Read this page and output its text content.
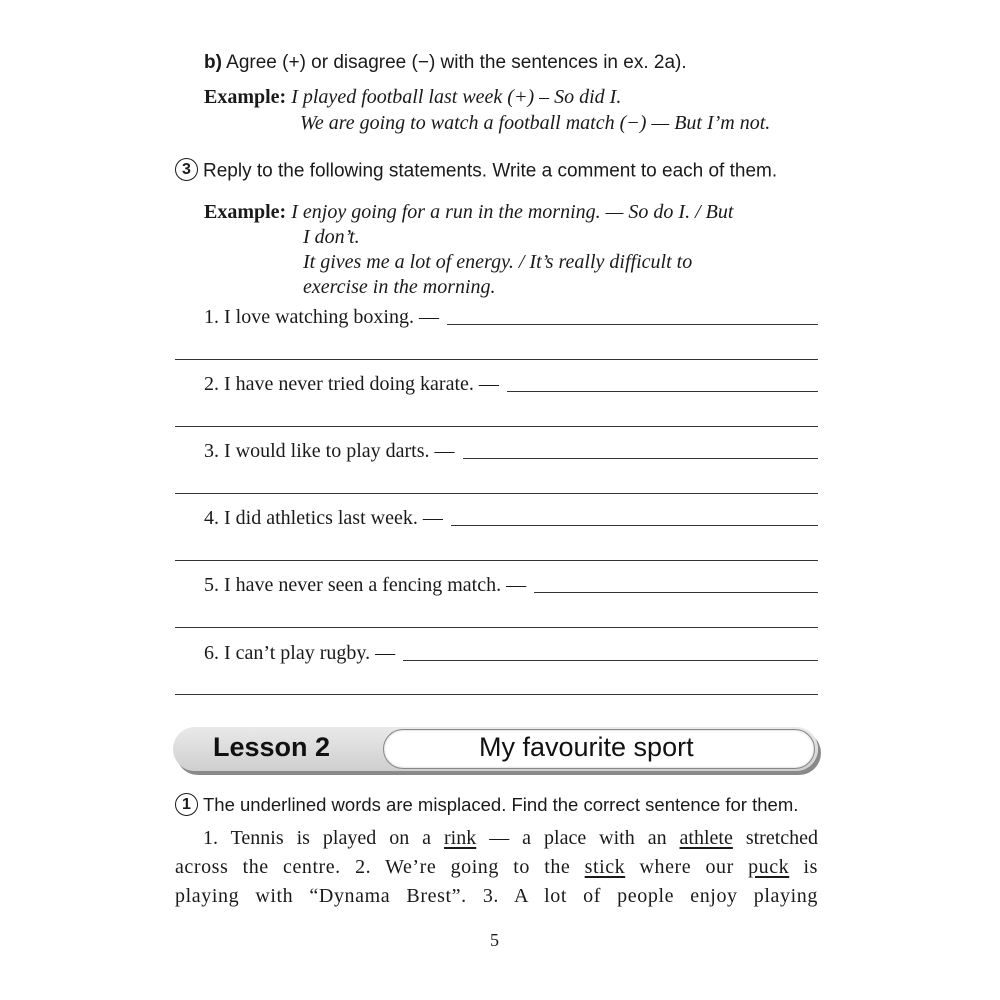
b) Agree (+) or disagree (−) with the sentences in ex. 2a).
Example: I played football last week (+) – So did I.
We are going to watch a football match (−) — But I’m not.
3 Reply to the following statements. Write a comment to each of them.
Example: I enjoy going for a run in the morning. — So do I. / But
I don’t.
It gives me a lot of energy. / It’s really difficult to
exercise in the morning.
1. I love watching boxing. —
2. I have never tried doing karate. —
3. I would like to play darts. —
4. I did athletics last week. —
5. I have never seen a fencing match. —
6. I can’t play rugby. —
Lesson 2	My favourite sport
1 The underlined words are misplaced. Find the correct sentence for them.
1. Tennis is played on a rink — a place with an athlete stretched
across the centre. 2. We’re going to the stick where our puck is
playing with “Dynama Brest”. 3. A lot of people enjoy playing
5
